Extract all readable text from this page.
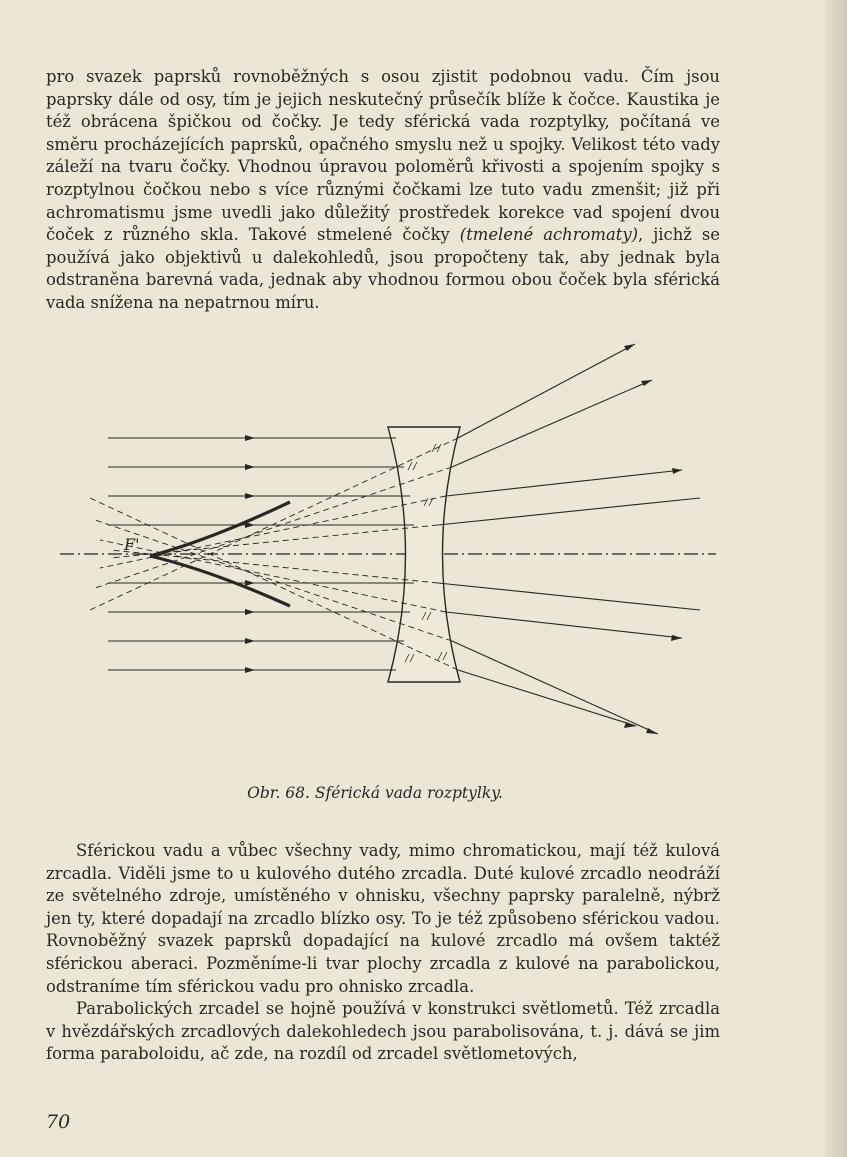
pro svazek paprsků rovnoběžných s osou zjistit podobnou vadu. Čím jsou paprsky dále od osy, tím je jejich neskutečný průsečík blíže k čočce. Kaustika je též obrácena špičkou od čočky. Je tedy sférická vada rozptylky, počítaná ve směru procházejících paprsků, opačného smyslu než u spojky. Velikost této vady záleží na tvaru čočky. Vhodnou úpravou poloměrů křivosti a spojením spojky s rozptylnou čočkou nebo s více různými čočkami lze tuto vadu zmenšit; již při achromatismu jsme uvedli jako důležitý prostředek korekce vad spojení dvou čoček z různého skla. Takové stmelené čočky (tmelené achromaty), jichž se používá jako objektivů u dalekohledů, jsou propočteny tak, aby jednak byla odstraněna barevná vada, jednak aby vhodnou formou obou čoček byla sférická vada snížena na nepatrnou míru.

F'
Obr. 68. Sférická vada rozptylky.

Sférickou vadu a vůbec všechny vady, mimo chromatickou, mají též kulová zrcadla. Viděli jsme to u kulového dutého zrcadla. Duté kulové zrcadlo neodráží ze světelného zdroje, umístěného v ohnisku, všechny paprsky paralelně, nýbrž jen ty, které dopadají na zrcadlo blízko osy. To je též způsobeno sférickou vadou. Rovnoběžný svazek paprsků dopadající na kulové zrcadlo má ovšem taktéž sférickou aberaci. Pozměníme-li tvar plochy zrcadla z kulové na parabolickou, odstraníme tím sférickou vadu pro ohnisko zrcadla.

Parabolických zrcadel se hojně používá v konstrukci světlometů. Též zrcadla v hvězdářských zrcadlových dalekohledech jsou parabolisována, t. j. dává se jim forma paraboloidu, ač zde, na rozdíl od zrcadel světlometových,

70
